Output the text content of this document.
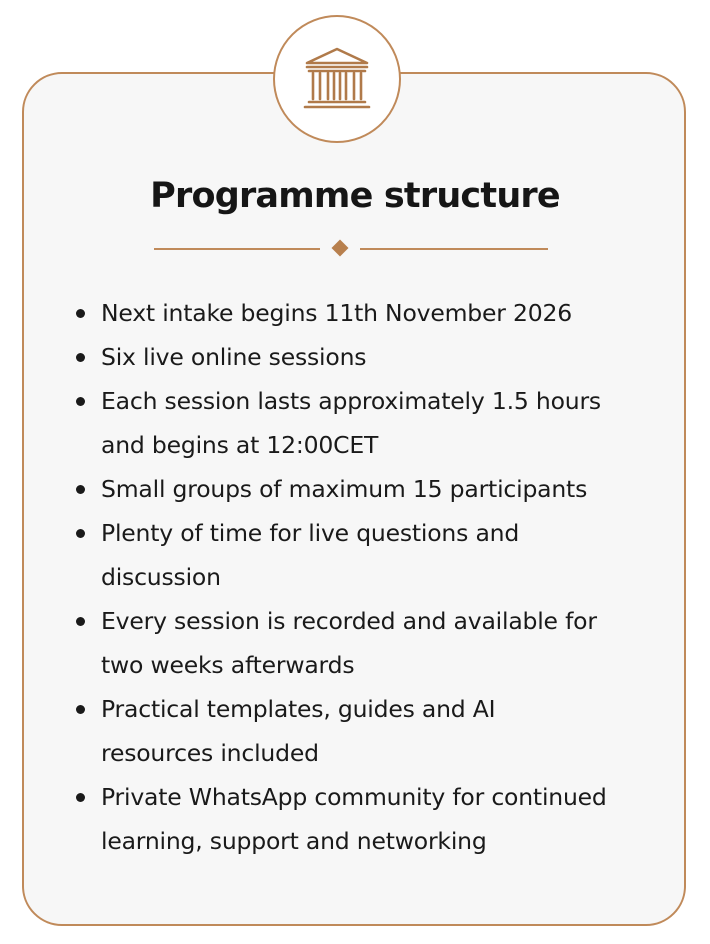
Programme structure
Next intake begins 11th November 2026
Six live online sessions
Each session lasts approximately 1.5 hours
and begins at 12:00CET
Small groups of maximum 15 participants
Plenty of time for live questions and
discussion
Every session is recorded and available for
two weeks afterwards
Practical templates, guides and AI
resources included
Private WhatsApp community for continued
learning, support and networking
